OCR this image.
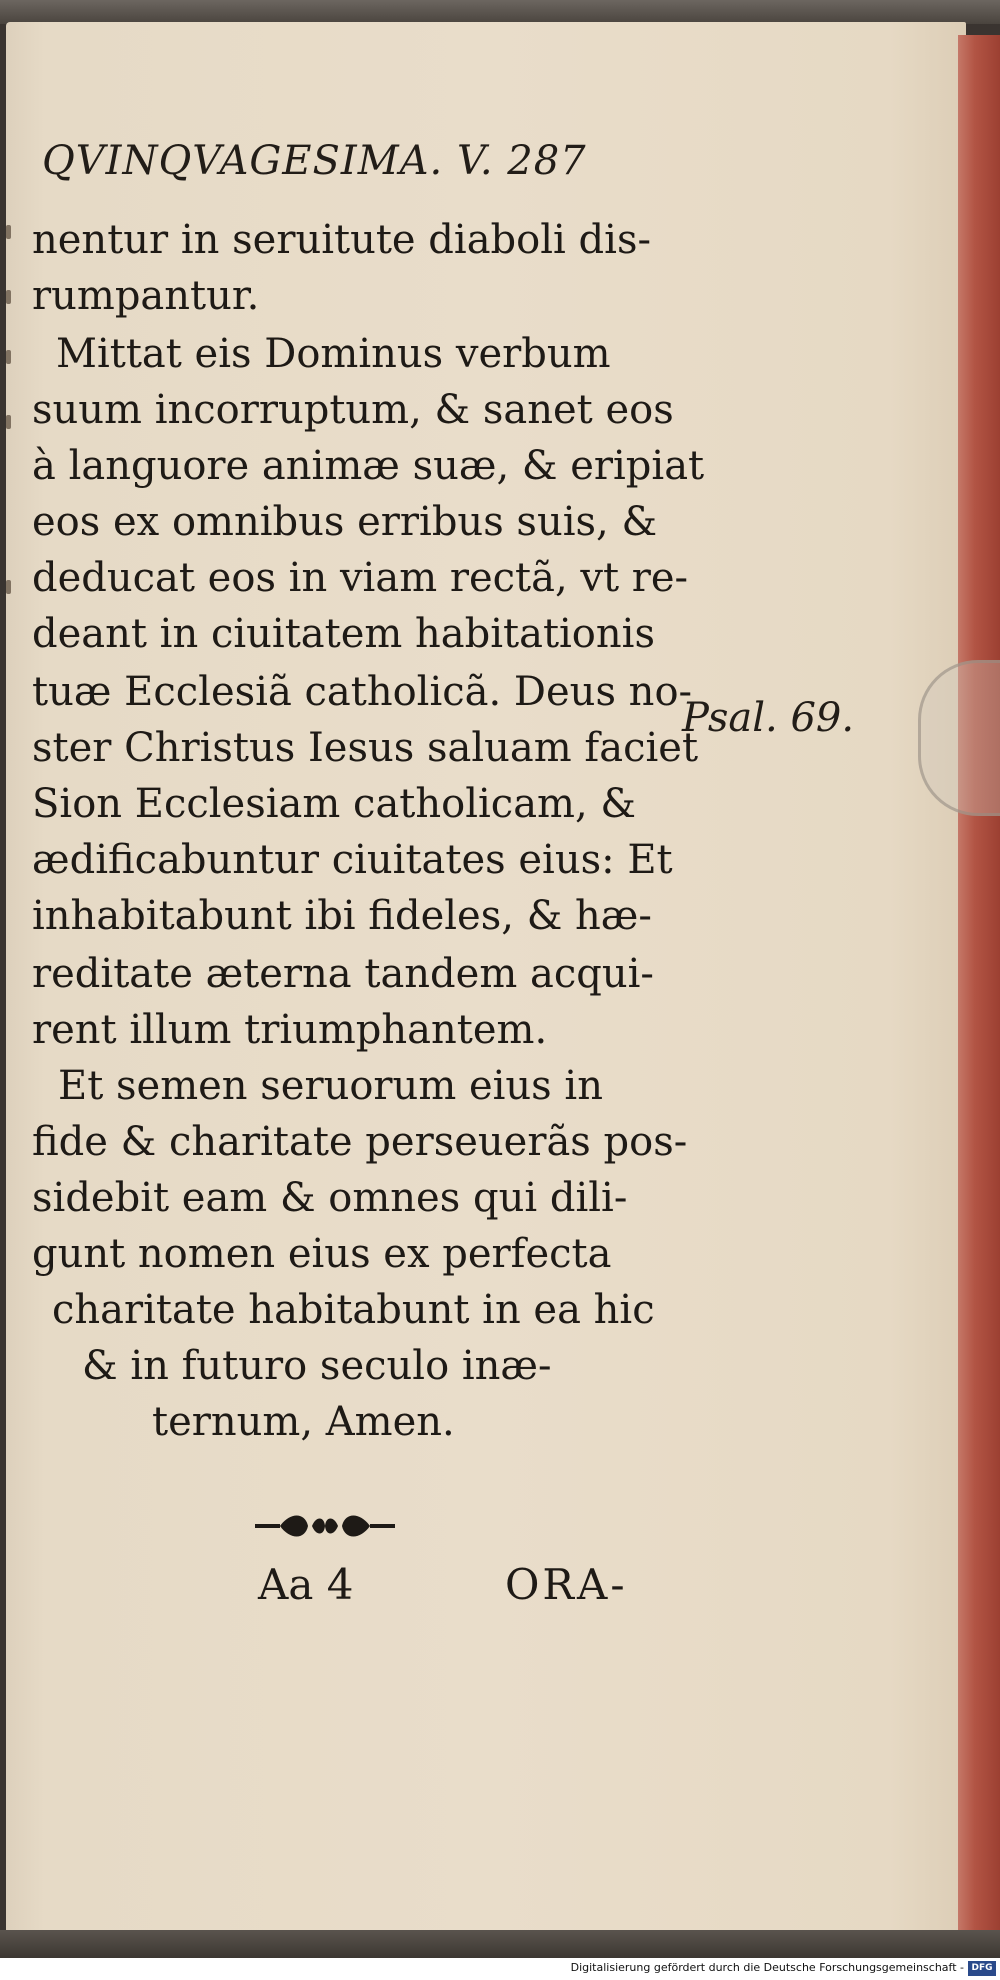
QVINQVAGESIMA. V. 287
nentur in seruitute diaboli dis-
rumpantur.
Mittat eis Dominus verbum
suum incorruptum, & sanet eos
à languore animæ suæ, & eripiat
eos ex omnibus erribus suis, &
deducat eos in viam rectã, vt re-
deant in ciuitatem habitationis
tuæ Ecclesiã catholicã. Deus no-
ster Christus Iesus saluam faciet
Sion Ecclesiam catholicam, &
ædificabuntur ciuitates eius: Et
inhabitabunt ibi fideles, & hæ-
reditate æterna tandem acqui-
rent illum triumphantem.
Et semen seruorum eius in
fide & charitate perseuerãs pos-
sidebit eam & omnes qui dili-
gunt nomen eius ex perfecta
charitate habitabunt in ea hic
& in futuro seculo inæ-
ternum, Amen.
Psal. 69.
Aa 4	ORA-
Digitalisierung gefördert durch die Deutsche Forschungsgemeinschaft - DFG
